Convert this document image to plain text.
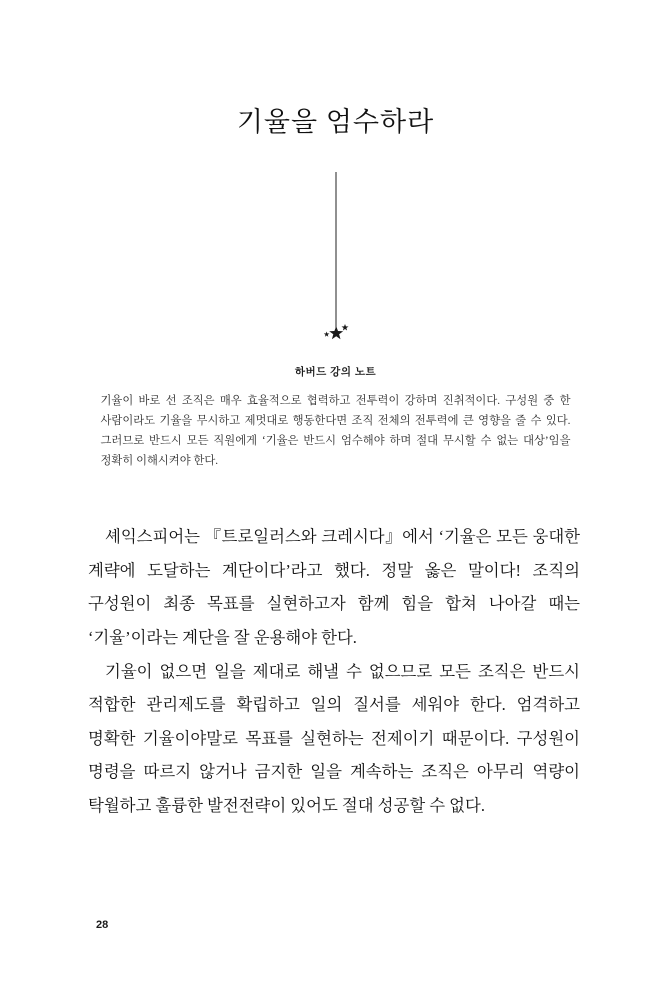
기율을 엄수하라
하버드 강의 노트

기율이 바로 선 조직은 매우 효율적으로 협력하고 전투력이 강하며 진취적이다. 구성원 중 한 사람이라도 기율을 무시하고 제멋대로 행동한다면 조직 전체의 전투력에 큰 영향을 줄 수 있다. 그러므로 반드시 모든 직원에게 ‘기율은 반드시 엄수해야 하며 절대 무시할 수 없는 대상’임을 정확히 이해시켜야 한다.

셰익스피어는 『트로일러스와 크레시다』에서 ‘기율은 모든 웅대한 계략에 도달하는 계단이다’라고 했다. 정말 옳은 말이다! 조직의 구성원이 최종 목표를 실현하고자 함께 힘을 합쳐 나아갈 때는 ‘기율’이라는 계단을 잘 운용해야 한다.

기율이 없으면 일을 제대로 해낼 수 없으므로 모든 조직은 반드시 적합한 관리제도를 확립하고 일의 질서를 세워야 한다. 엄격하고 명확한 기율이야말로 목표를 실현하는 전제이기 때문이다. 구성원이 명령을 따르지 않거나 금지한 일을 계속하는 조직은 아무리 역량이 탁월하고 훌륭한 발전전략이 있어도 절대 성공할 수 없다.

28
